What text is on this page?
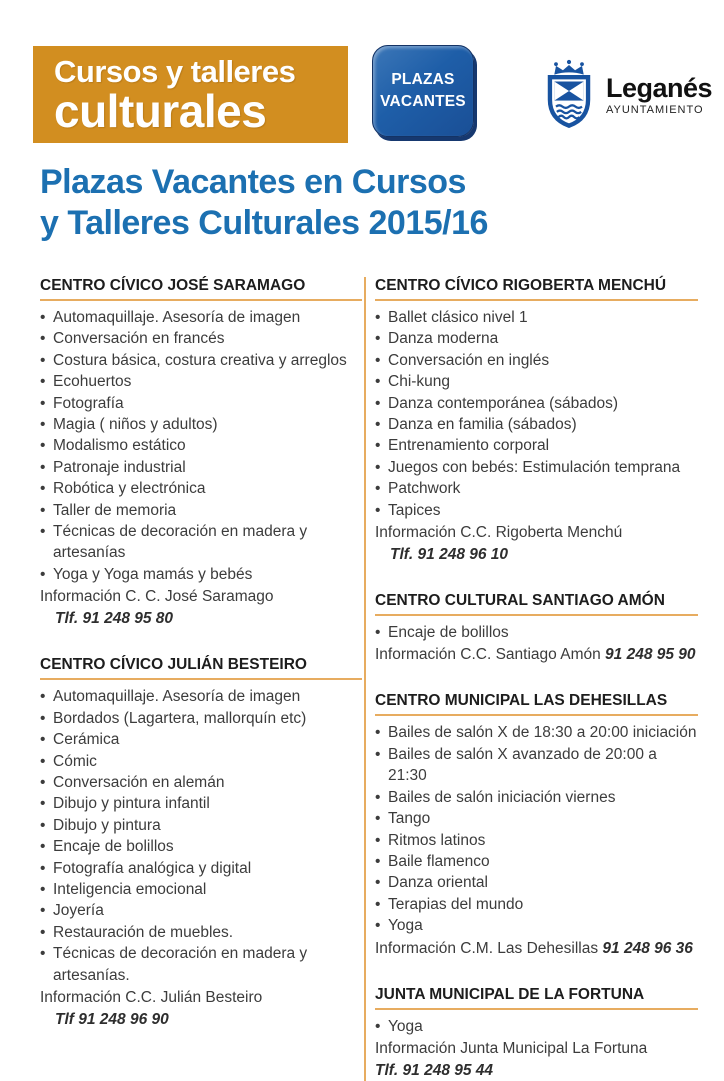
Cursos y talleres
culturales
PLAZAS
VACANTES	Leganés
AYUNTAMIENTO
Plazas Vacantes en Cursos
y Talleres Culturales 2015/16
CENTRO CÍVICO JOSÉ SARAMAGO
• Automaquillaje. Asesoría de imagen
• Conversación en francés
• Costura básica, costura creativa y arreglos
• Ecohuertos
• Fotografía
• Magia ( niños y adultos)
• Modalismo estático
• Patronaje industrial
• Robótica y electrónica
• Taller de memoria
• Técnicas de decoración en madera y artesanías
• Yoga y Yoga mamás y bebés

Información C. C. José Saramago

Tlf. 91 248 95 80

CENTRO CÍVICO JULIÁN BESTEIRO
• Automaquillaje. Asesoría de imagen
• Bordados (Lagartera, mallorquín etc)
• Cerámica
• Cómic
• Conversación en alemán
• Dibujo y pintura infantil
• Dibujo y pintura
• Encaje de bolillos
• Fotografía analógica y digital
• Inteligencia emocional
• Joyería
• Restauración de muebles.
• Técnicas de decoración en madera y artesanías.

Información C.C. Julián Besteiro

Tlf 91 248 96 90

CENTRO CÍVICO RIGOBERTA MENCHÚ
• Ballet clásico nivel 1
• Danza moderna
• Conversación en inglés
• Chi-kung
• Danza contemporánea (sábados)
• Danza en familia (sábados)
• Entrenamiento corporal
• Juegos con bebés: Estimulación temprana
• Patchwork
• Tapices

Información C.C. Rigoberta Menchú

Tlf. 91 248 96 10

CENTRO CULTURAL SANTIAGO AMÓN
• Encaje de bolillos

Información C.C. Santiago Amón 91 248 95 90

CENTRO MUNICIPAL LAS DEHESILLAS
• Bailes de salón X de 18:30 a 20:00 iniciación
• Bailes de salón X avanzado de 20:00 a 21:30
• Bailes de salón iniciación viernes
• Tango
• Ritmos latinos
• Baile flamenco
• Danza oriental
• Terapias del mundo
• Yoga

Información C.M. Las Dehesillas 91 248 96 36

JUNTA MUNICIPAL DE LA FORTUNA
• Yoga

Información Junta Municipal La Fortuna

Tlf. 91 248 95 44
